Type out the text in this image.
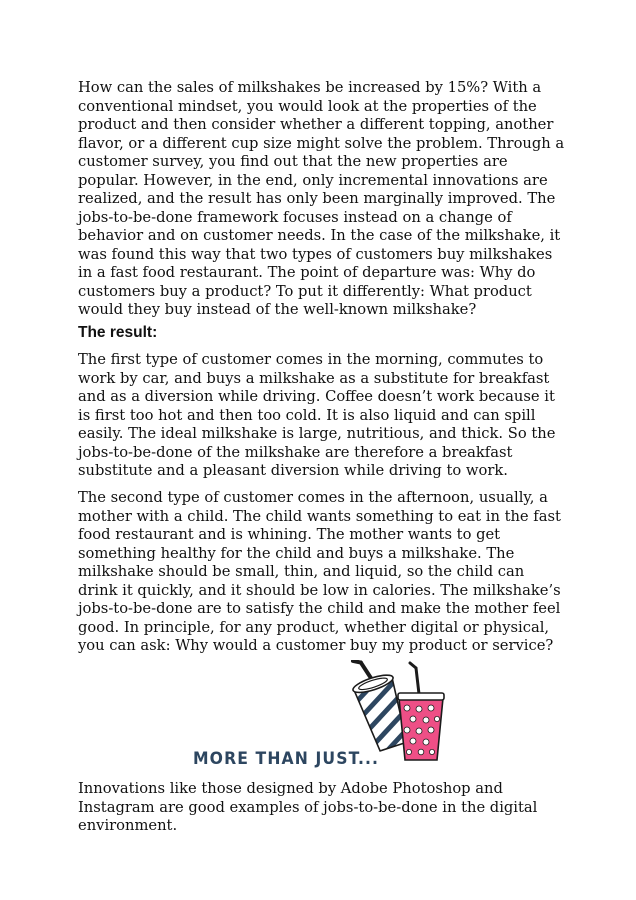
How can the sales of milkshakes be increased by 15%? With a conventional mindset, you would look at the properties of the product and then consider whether a different topping, another flavor, or a different cup size might solve the problem. Through a customer survey, you find out that the new properties are popular. However, in the end, only incremental innovations are realized, and the result has only been marginally improved. The jobs-to-be-done framework focuses instead on a change of behavior and on customer needs. In the case of the milkshake, it was found this way that two types of customers buy milkshakes in a fast food restaurant. The point of departure was: Why do customers buy a product? To put it differently: What product would they buy instead of the well-known milkshake?

The result:

The first type of customer comes in the morning, commutes to work by car, and buys a milkshake as a substitute for breakfast and as a diversion while driving. Coffee doesn’t work because it is first too hot and then too cold. It is also liquid and can spill easily. The ideal milkshake is large, nutritious, and thick. So the jobs-to-be-done of the milkshake are therefore a breakfast substitute and a pleasant diversion while driving to work.

The second type of customer comes in the afternoon, usually, a mother with a child. The child wants something to eat in the fast food restaurant and is whining. The mother wants to get something healthy for the child and buys a milkshake. The milkshake should be small, thin, and liquid, so the child can drink it quickly, and it should be low in calories. The milkshake’s jobs-to-be-done are to satisfy the child and make the mother feel good. In principle, for any product, whether digital or physical, you can ask: Why would a customer buy my product or service?

MORE THAN JUST...

Innovations like those designed by Adobe Photoshop and Instagram are good examples of jobs-to-be-done in the digital environment.
